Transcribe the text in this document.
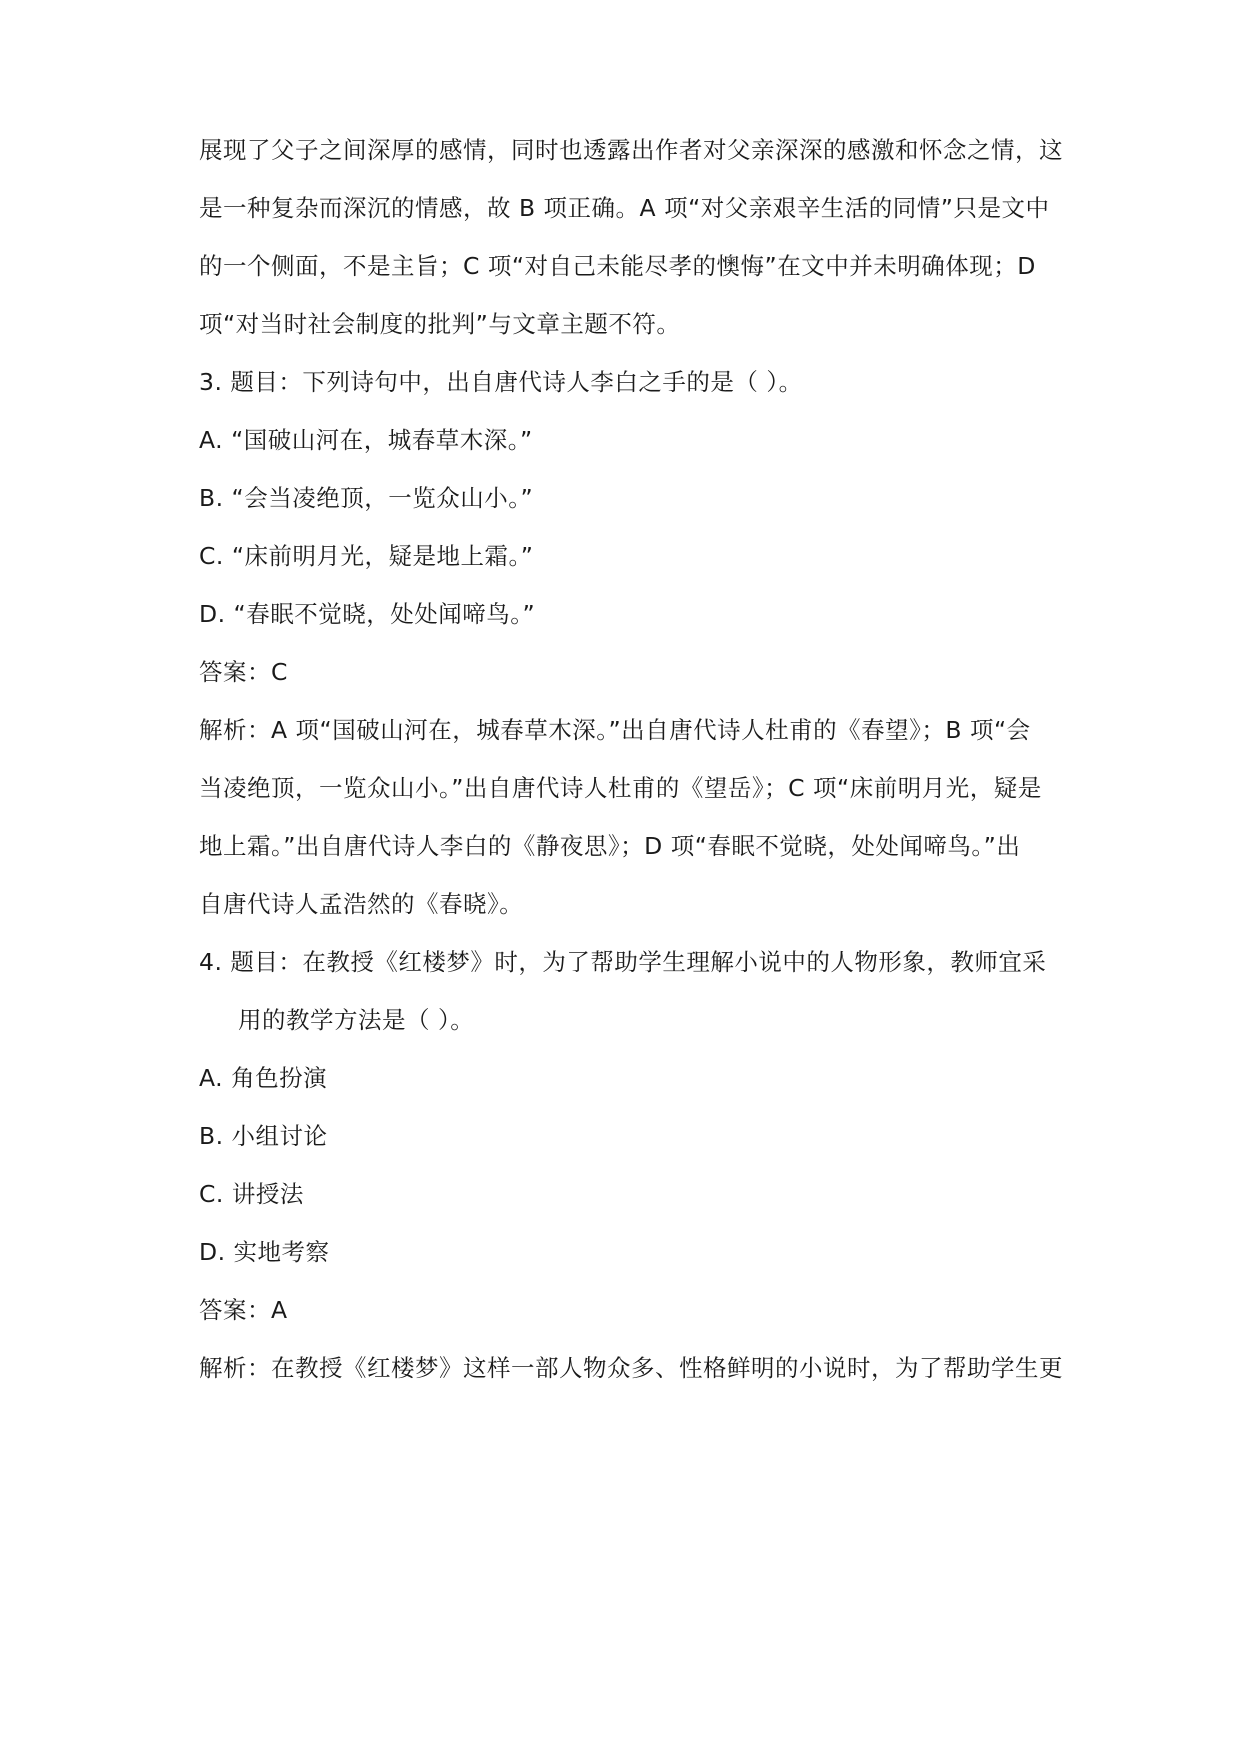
展现了父子之间深厚的感情，同时也透露出作者对父亲深深的感激和怀念之情，这
是一种复杂而深沉的情感，故 B 项正确。A 项“对父亲艰辛生活的同情”只是文中
的一个侧面，不是主旨；C 项“对自己未能尽孝的懊悔”在文中并未明确体现；D
项“对当时社会制度的批判”与文章主题不符。
3. 题目：下列诗句中，出自唐代诗人李白之手的是（ ）。
A. “国破山河在，城春草木深。”
B. “会当凌绝顶，一览众山小。”
C. “床前明月光，疑是地上霜。”
D. “春眠不觉晓，处处闻啼鸟。”
答案：C
解析：A 项“国破山河在，城春草木深。”出自唐代诗人杜甫的《春望》；B 项“会
当凌绝顶，一览众山小。”出自唐代诗人杜甫的《望岳》；C 项“床前明月光，疑是
地上霜。”出自唐代诗人李白的《静夜思》；D 项“春眠不觉晓，处处闻啼鸟。”出
自唐代诗人孟浩然的《春晓》。
4. 题目：在教授《红楼梦》时，为了帮助学生理解小说中的人物形象，教师宜采
用的教学方法是（ ）。
A. 角色扮演
B. 小组讨论
C. 讲授法
D. 实地考察
答案：A
解析：在教授《红楼梦》这样一部人物众多、性格鲜明的小说时，为了帮助学生更
